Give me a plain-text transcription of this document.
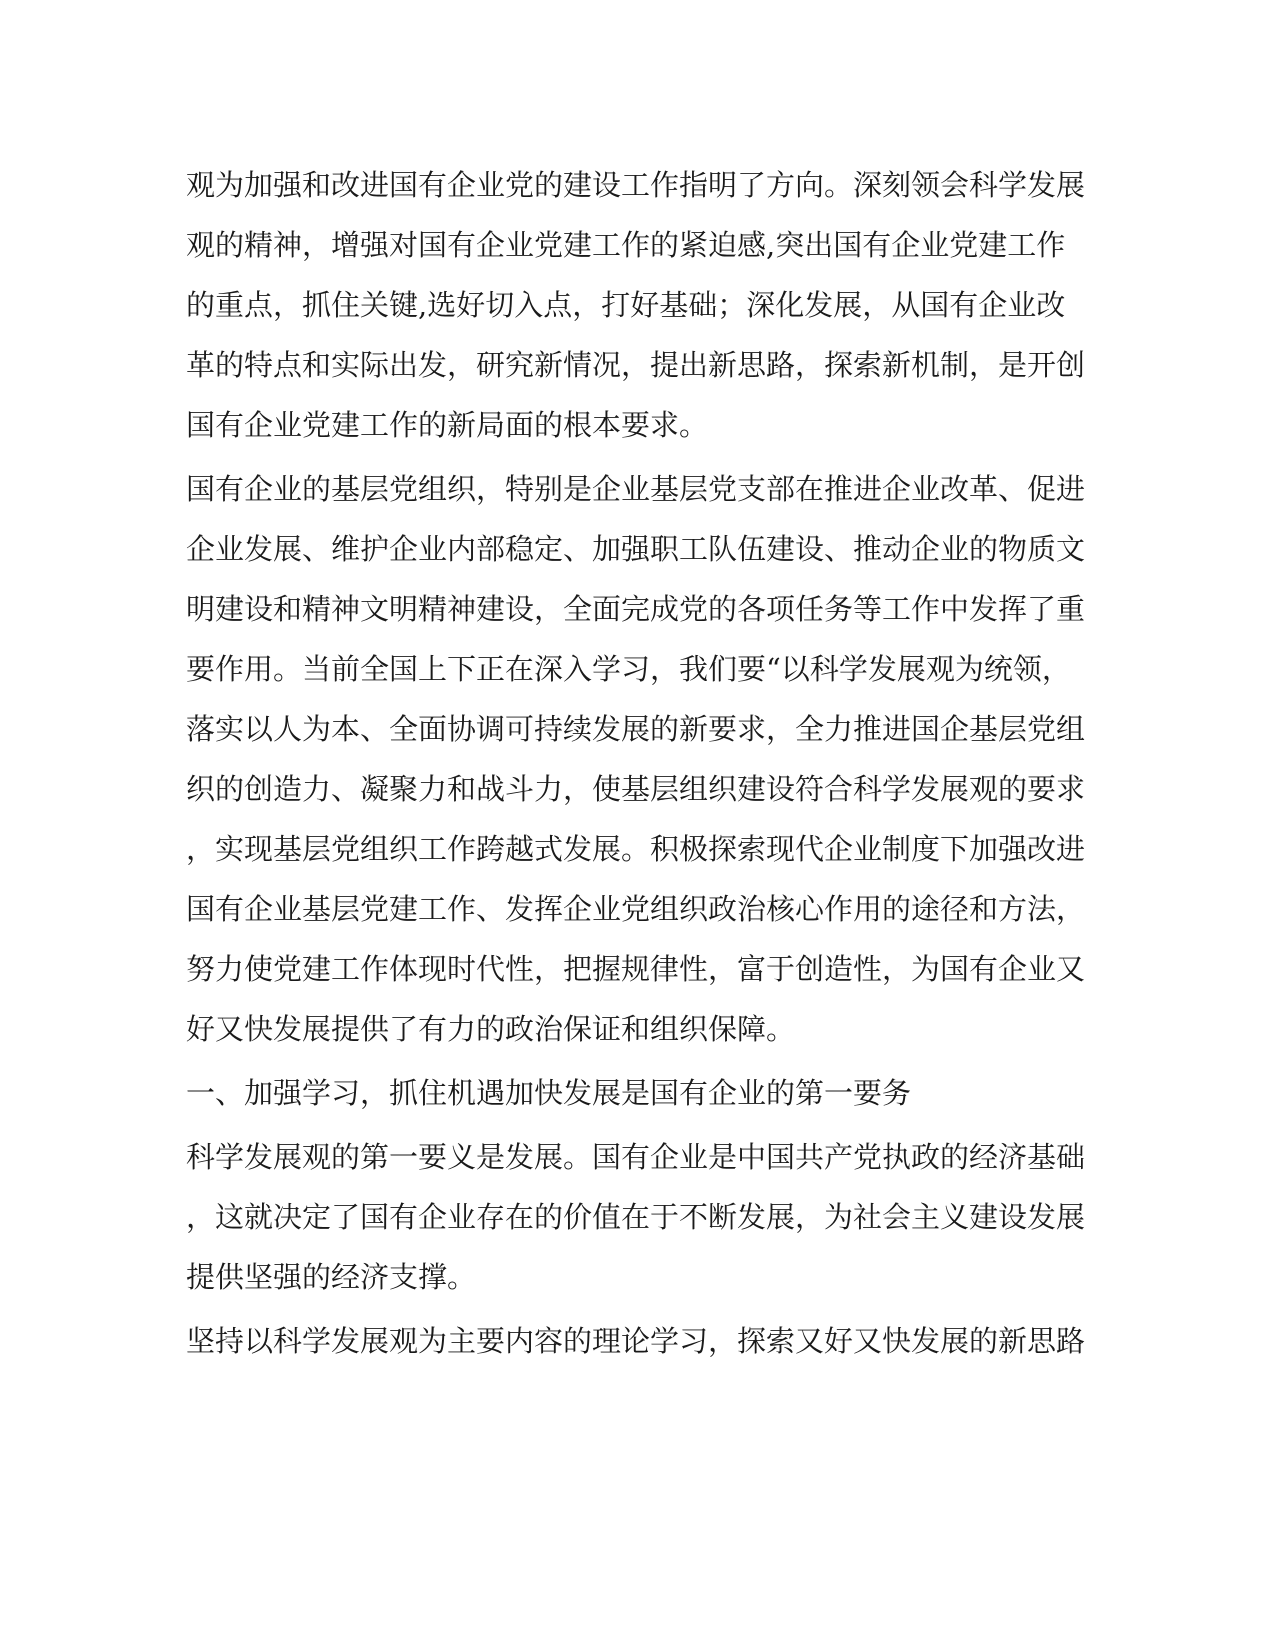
观为加强和改进国有企业党的建设工作指明了方向。深刻领会科学发展
观的精神，增强对国有企业党建工作的紧迫感,突出国有企业党建工作
的重点，抓住关键,选好切入点，打好基础；深化发展，从国有企业改
革的特点和实际出发，研究新情况，提出新思路，探索新机制，是开创
国有企业党建工作的新局面的根本要求。
国有企业的基层党组织，特别是企业基层党支部在推进企业改革、促进
企业发展、维护企业内部稳定、加强职工队伍建设、推动企业的物质文
明建设和精神文明精神建设，全面完成党的各项任务等工作中发挥了重
要作用。当前全国上下正在深入学习，我们要“以科学发展观为统领，
落实以人为本、全面协调可持续发展的新要求，全力推进国企基层党组
织的创造力、凝聚力和战斗力，使基层组织建设符合科学发展观的要求
，实现基层党组织工作跨越式发展。积极探索现代企业制度下加强改进
国有企业基层党建工作、发挥企业党组织政治核心作用的途径和方法，
努力使党建工作体现时代性，把握规律性，富于创造性，为国有企业又
好又快发展提供了有力的政治保证和组织保障。
一、加强学习，抓住机遇加快发展是国有企业的第一要务
科学发展观的第一要义是发展。国有企业是中国共产党执政的经济基础
，这就决定了国有企业存在的价值在于不断发展，为社会主义建设发展
提供坚强的经济支撑。
坚持以科学发展观为主要内容的理论学习，探索又好又快发展的新思路
